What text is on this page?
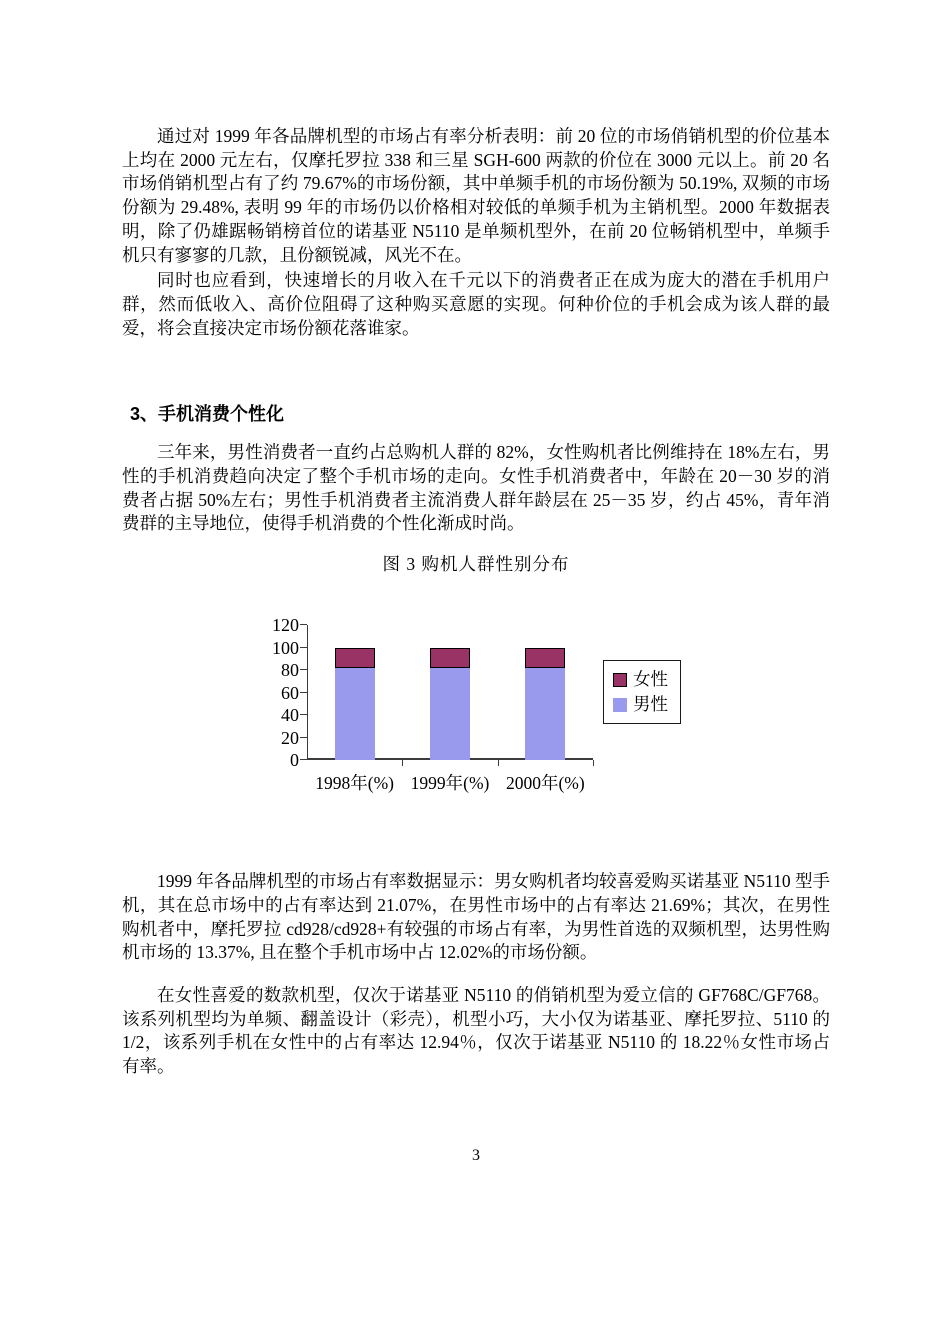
通过对 1999 年各品牌机型的市场占有率分析表明：前 20 位的市场俏销机型的价位基本上均在 2000 元左右，仅摩托罗拉 338 和三星 SGH-600 两款的价位在 3000 元以上。前 20 名市场俏销机型占有了约 79.67%的市场份额，其中单频手机的市场份额为 50.19%, 双频的市场份额为 29.48%, 表明 99 年的市场仍以价格相对较低的单频手机为主销机型。2000 年数据表明，除了仍雄踞畅销榜首位的诺基亚 N5110 是单频机型外，在前 20 位畅销机型中，单频手机只有寥寥的几款，且份额锐减，风光不在。

同时也应看到，快速增长的月收入在千元以下的消费者正在成为庞大的潜在手机用户群，然而低收入、高价位阻碍了这种购买意愿的实现。何种价位的手机会成为该人群的最爱，将会直接决定市场份额花落谁家。

3、手机消费个性化

三年来，男性消费者一直约占总购机人群的 82%，女性购机者比例维持在 18%左右，男性的手机消费趋向决定了整个手机市场的走向。女性手机消费者中，年龄在 20－30 岁的消费者占据 50%左右；男性手机消费者主流消费人群年龄层在 25－35 岁，约占 45%，青年消费群的主导地位，使得手机消费的个性化渐成时尚。

图 3 购机人群性别分布
0
20
40
60
80
100
120
1998年(%) 1999年(%) 2000年(%)
女性
男性

1999 年各品牌机型的市场占有率数据显示：男女购机者均较喜爱购买诺基亚 N5110 型手机，其在总市场中的占有率达到 21.07%，在男性市场中的占有率达 21.69%；其次，在男性购机者中，摩托罗拉 cd928/cd928+有较强的市场占有率，为男性首选的双频机型，达男性购机市场的 13.37%, 且在整个手机市场中占 12.02%的市场份额。

在女性喜爱的数款机型，仅次于诺基亚 N5110 的俏销机型为爱立信的 GF768C/GF768。该系列机型均为单频、翻盖设计（彩壳），机型小巧，大小仅为诺基亚、摩托罗拉、5110 的 1/2，该系列手机在女性中的占有率达 12.94％，仅次于诺基亚 N5110 的 18.22％女性市场占有率。

3
